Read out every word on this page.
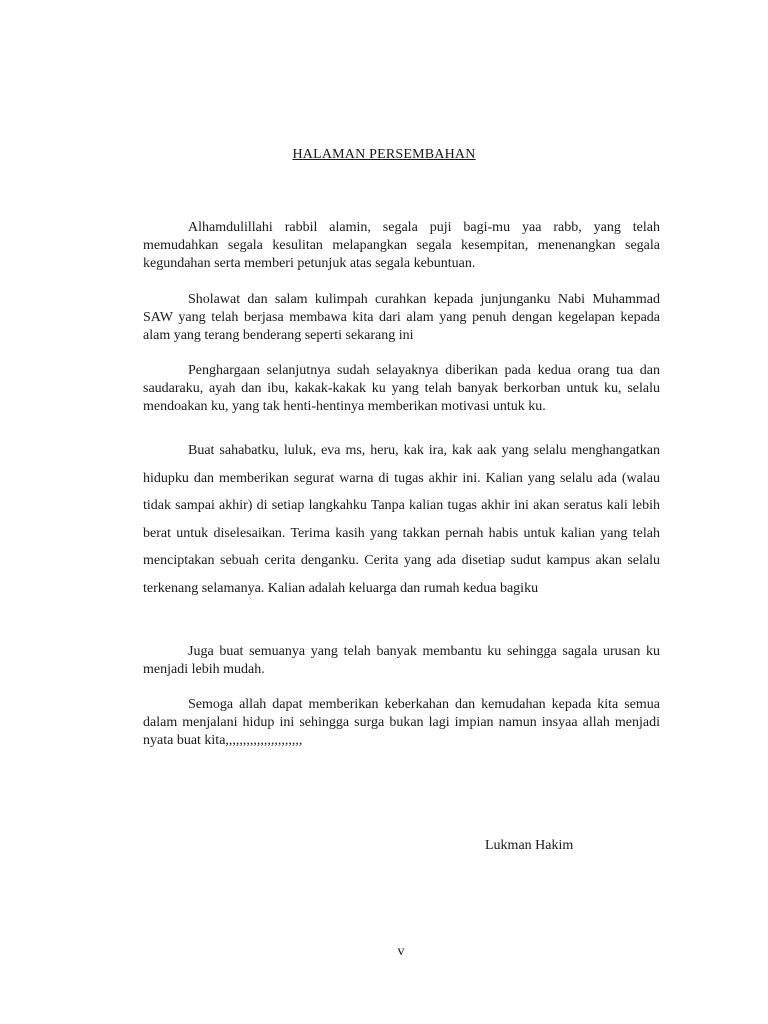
HALAMAN PERSEMBAHAN

Alhamdulillahi rabbil alamin, segala puji bagi-mu yaa rabb, yang telah memudahkan segala kesulitan melapangkan segala kesempitan, menenangkan segala kegundahan serta memberi petunjuk atas segala kebuntuan.

Sholawat dan salam kulimpah curahkan kepada junjunganku Nabi Muhammad SAW yang telah berjasa membawa kita dari alam yang penuh dengan kegelapan kepada alam yang terang benderang seperti sekarang ini

Penghargaan selanjutnya sudah selayaknya diberikan pada kedua orang tua dan saudaraku, ayah dan ibu, kakak-kakak ku yang telah banyak berkorban untuk ku, selalu mendoakan ku, yang tak henti-hentinya memberikan motivasi untuk ku.

Buat sahabatku, luluk, eva ms, heru, kak ira, kak aak yang selalu menghangatkan hidupku dan memberikan segurat warna di tugas akhir ini. Kalian yang selalu ada (walau tidak sampai akhir) di setiap langkahku Tanpa kalian tugas akhir ini akan seratus kali lebih berat untuk diselesaikan. Terima kasih yang takkan pernah habis untuk kalian yang telah menciptakan sebuah cerita denganku. Cerita yang ada disetiap sudut kampus akan selalu terkenang selamanya. Kalian adalah keluarga dan rumah kedua bagiku

Juga buat semuanya yang telah banyak membantu ku sehingga sagala urusan ku menjadi lebih mudah.

Semoga allah dapat memberikan keberkahan dan kemudahan kepada kita semua dalam menjalani hidup ini sehingga surga bukan lagi impian namun insyaa allah menjadi nyata buat kita,,,,,,,,,,,,,,,,,,,,,,

Lukman Hakim
v
